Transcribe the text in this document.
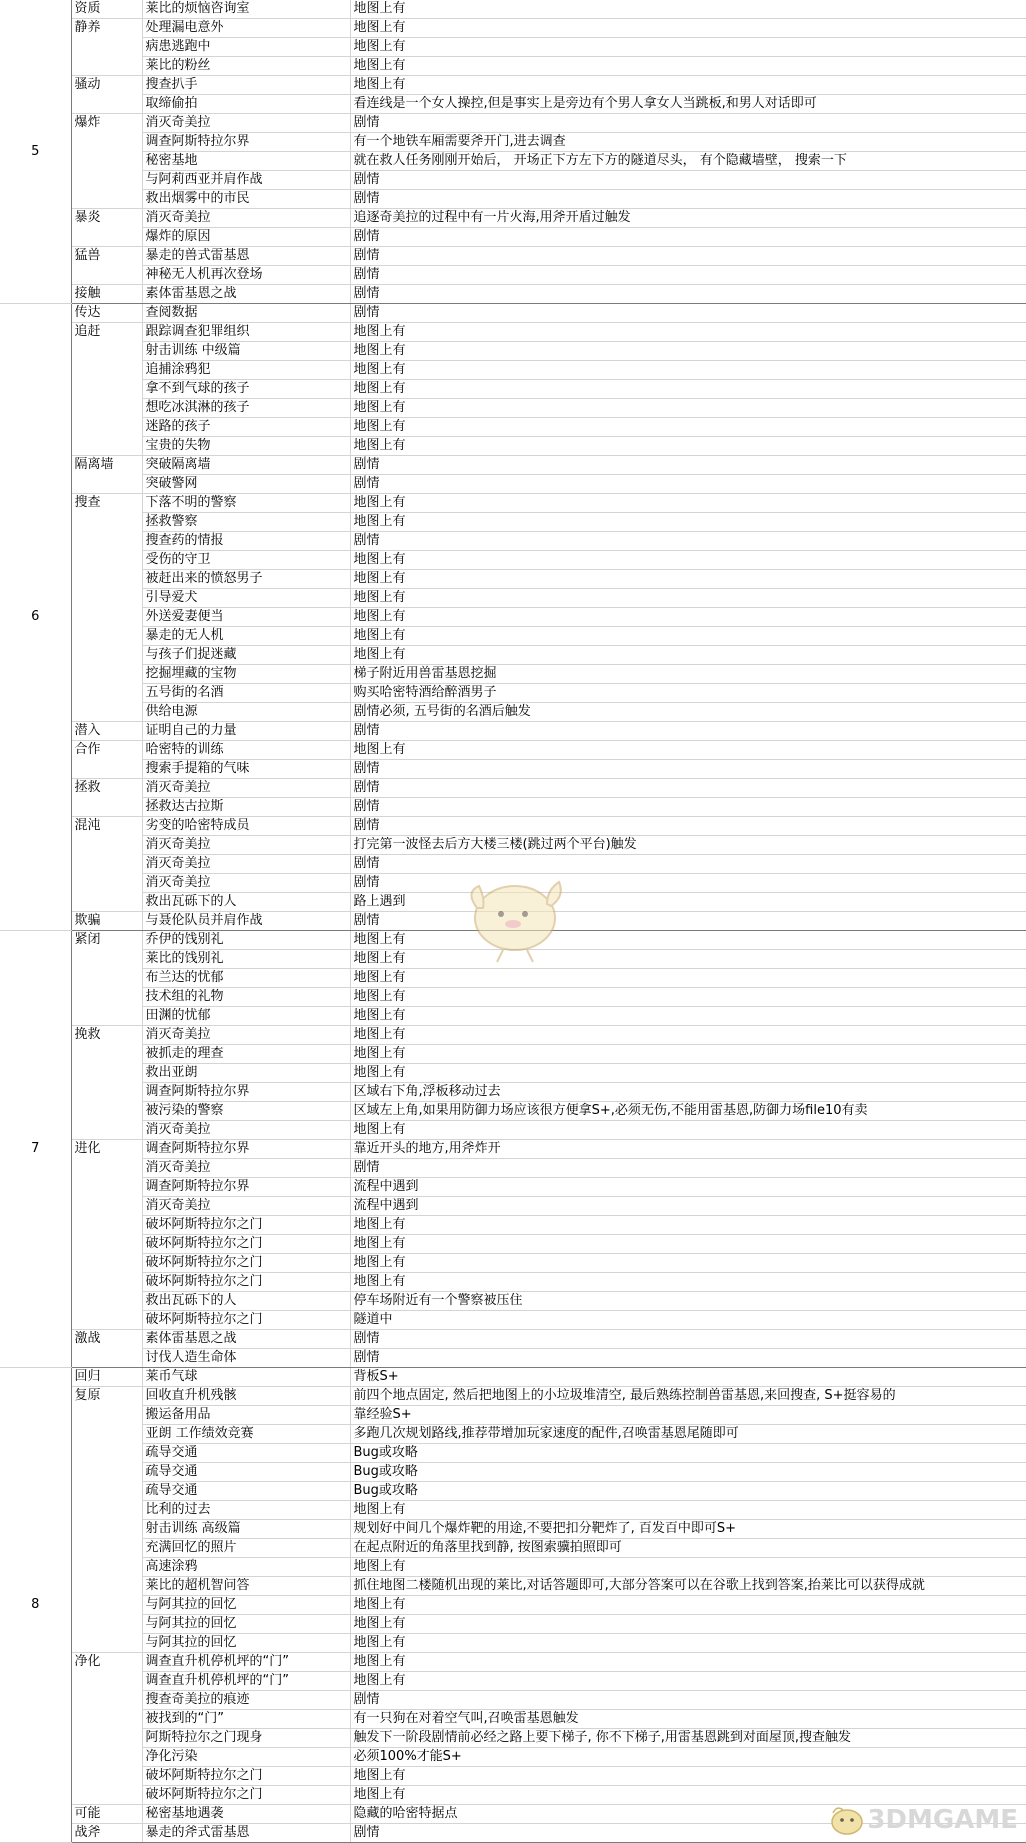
5	资质	莱比的烦恼咨询室	地图上有
	静养	处理漏电意外	地图上有
		病患逃跑中	地图上有
		莱比的粉丝	地图上有
	骚动	搜查扒手	地图上有
		取缔偷拍	看连线是一个女人操控,但是事实上是旁边有个男人拿女人当跳板,和男人对话即可
	爆炸	消灭奇美拉	剧情
		调查阿斯特拉尔界	有一个地铁车厢需要斧开门,进去调查
		秘密基地	就在救人任务刚刚开始后， 开场正下方左下方的隧道尽头， 有个隐藏墙壁， 搜索一下
		与阿莉西亚并肩作战	剧情
		救出烟雾中的市民	剧情
	暴炎	消灭奇美拉	追逐奇美拉的过程中有一片火海,用斧开盾过触发
		爆炸的原因	剧情
	猛兽	暴走的兽式雷基恩	剧情
		神秘无人机再次登场	剧情
	接触	素体雷基恩之战	剧情
6	传达	查阅数据	剧情
	追赶	跟踪调查犯罪组织	地图上有
		射击训练 中级篇	地图上有
		追捕涂鸦犯	地图上有
		拿不到气球的孩子	地图上有
		想吃冰淇淋的孩子	地图上有
		迷路的孩子	地图上有
		宝贵的失物	地图上有
	隔离墙	突破隔离墙	剧情
		突破警网	剧情
	搜查	下落不明的警察	地图上有
		拯救警察	地图上有
		搜查药的情报	剧情
		受伤的守卫	地图上有
		被赶出来的愤怒男子	地图上有
		引导爱犬	地图上有
		外送爱妻便当	地图上有
		暴走的无人机	地图上有
		与孩子们捉迷藏	地图上有
		挖掘埋藏的宝物	梯子附近用兽雷基恩挖掘
		五号街的名酒	购买哈密特酒给醉酒男子
		供给电源	剧情必须, 五号街的名酒后触发
	潜入	证明自己的力量	剧情
	合作	哈密特的训练	地图上有
		搜索手提箱的气味	剧情
	拯救	消灭奇美拉	剧情
		拯救达古拉斯	剧情
	混沌	劣变的哈密特成员	剧情
		消灭奇美拉	打完第一波怪去后方大楼三楼(跳过两个平台)触发
		消灭奇美拉	剧情
		消灭奇美拉	剧情
		救出瓦砾下的人	路上遇到
	欺骗	与聂伦队员并肩作战	剧情
7	紧闭	乔伊的饯别礼	地图上有
		莱比的饯别礼	地图上有
		布兰达的忧郁	地图上有
		技术组的礼物	地图上有
		田渊的忧郁	地图上有
	挽救	消灭奇美拉	地图上有
		被抓走的理查	地图上有
		救出亚朗	地图上有
		调查阿斯特拉尔界	区域右下角,浮板移动过去
		被污染的警察	区域左上角,如果用防御力场应该很方便拿S+,必须无伤,不能用雷基恩,防御力场file10有卖
		消灭奇美拉	地图上有
	进化	调查阿斯特拉尔界	靠近开头的地方,用斧炸开
		消灭奇美拉	剧情
		调查阿斯特拉尔界	流程中遇到
		消灭奇美拉	流程中遇到
		破坏阿斯特拉尔之门	地图上有
		破坏阿斯特拉尔之门	地图上有
		破坏阿斯特拉尔之门	地图上有
		破坏阿斯特拉尔之门	地图上有
		救出瓦砾下的人	停车场附近有一个警察被压住
		破坏阿斯特拉尔之门	隧道中
	激战	素体雷基恩之战	剧情
		讨伐人造生命体	剧情
8	回归	莱币气球	背板S+
	复原	回收直升机残骸	前四个地点固定, 然后把地图上的小垃圾堆清空, 最后熟练控制兽雷基恩,来回搜查, S+挺容易的
		搬运备用品	靠经验S+
		亚朗 工作绩效竞赛	多跑几次规划路线,推荐带增加玩家速度的配件,召唤雷基恩尾随即可
		疏导交通	Bug或攻略
		疏导交通	Bug或攻略
		疏导交通	Bug或攻略
		比利的过去	地图上有
		射击训练 高级篇	规划好中间几个爆炸靶的用途,不要把扣分靶炸了, 百发百中即可S+
		充满回忆的照片	在起点附近的角落里找到静, 按图索骥拍照即可
		高速涂鸦	地图上有
		莱比的超机智问答	抓住地图二楼随机出现的莱比,对话答题即可,大部分答案可以在谷歌上找到答案,抬莱比可以获得成就
		与阿其拉的回忆	地图上有
		与阿其拉的回忆	地图上有
		与阿其拉的回忆	地图上有
	净化	调查直升机停机坪的“门”	地图上有
		调查直升机停机坪的“门”	地图上有
		搜查奇美拉的痕迹	剧情
		被找到的“门”	有一只狗在对着空气叫,召唤雷基恩触发
		阿斯特拉尔之门现身	触发下一阶段剧情前必经之路上要下梯子, 你不下梯子,用雷基恩跳到对面屋顶,搜查触发
		净化污染	必须100%才能S+
		破坏阿斯特拉尔之门	地图上有
		破坏阿斯特拉尔之门	地图上有
	可能	秘密基地遇袭	隐藏的哈密特据点
	战斧	暴走的斧式雷基恩	剧情	3DMGAME
